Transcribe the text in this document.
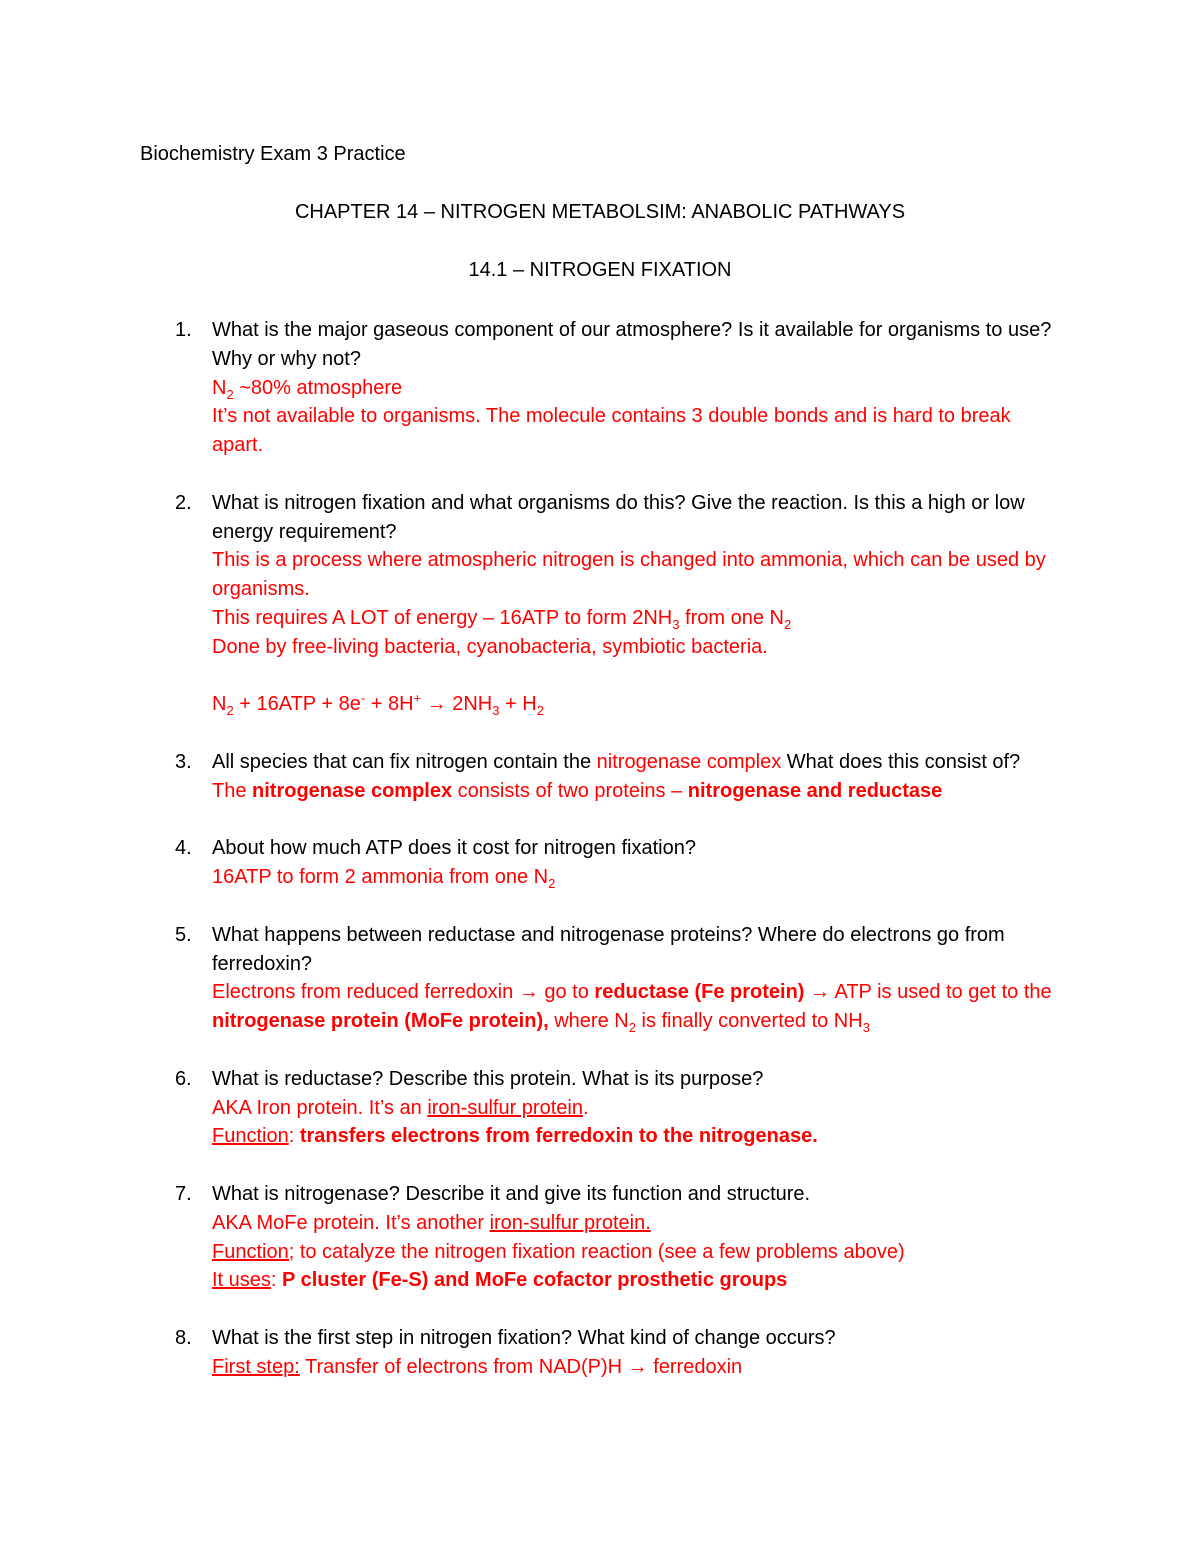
Biochemistry Exam 3 Practice
CHAPTER 14 – NITROGEN METABOLSIM: ANABOLIC PATHWAYS
14.1 – NITROGEN FIXATION
1. What is the major gaseous component of our atmosphere? Is it available for organisms to use? Why or why not?
$N_2$ ~80% atmosphere
It’s not available to organisms. The molecule contains 3 double bonds and is hard to break apart.
2. What is nitrogen fixation and what organisms do this? Give the reaction. Is this a high or low energy requirement?
This is a process where atmospheric nitrogen is changed into ammonia, which can be used by organisms.
This requires A LOT of energy – 16ATP to form $2NH_3$ from one $N_2$
Done by free-living bacteria, cyanobacteria, symbiotic bacteria.
$N_2 + 16ATP + 8e^- + 8H^+ \to 2NH_3 + H_2$
3. All species that can fix nitrogen contain the nitrogenase complex What does this consist of?
The nitrogenase complex consists of two proteins – nitrogenase and reductase
4. About how much ATP does it cost for nitrogen fixation?
16ATP to form 2 ammonia from one $N_2$
5. What happens between reductase and nitrogenase proteins? Where do electrons go from ferredoxin?
Electrons from reduced ferredoxin → go to reductase (Fe protein) → ATP is used to get to the nitrogenase protein (MoFe protein), where $N_2$ is finally converted to $NH_3$
6. What is reductase? Describe this protein. What is its purpose?
AKA Iron protein. It’s an iron-sulfur protein.
Function: transfers electrons from ferredoxin to the nitrogenase.
7. What is nitrogenase? Describe it and give its function and structure.
AKA MoFe protein. It’s another iron-sulfur protein.
Function; to catalyze the nitrogen fixation reaction (see a few problems above)
It uses: P cluster (Fe-S) and MoFe cofactor prosthetic groups
8. What is the first step in nitrogen fixation? What kind of change occurs?
First step: Transfer of electrons from NAD(P)H → ferredoxin
